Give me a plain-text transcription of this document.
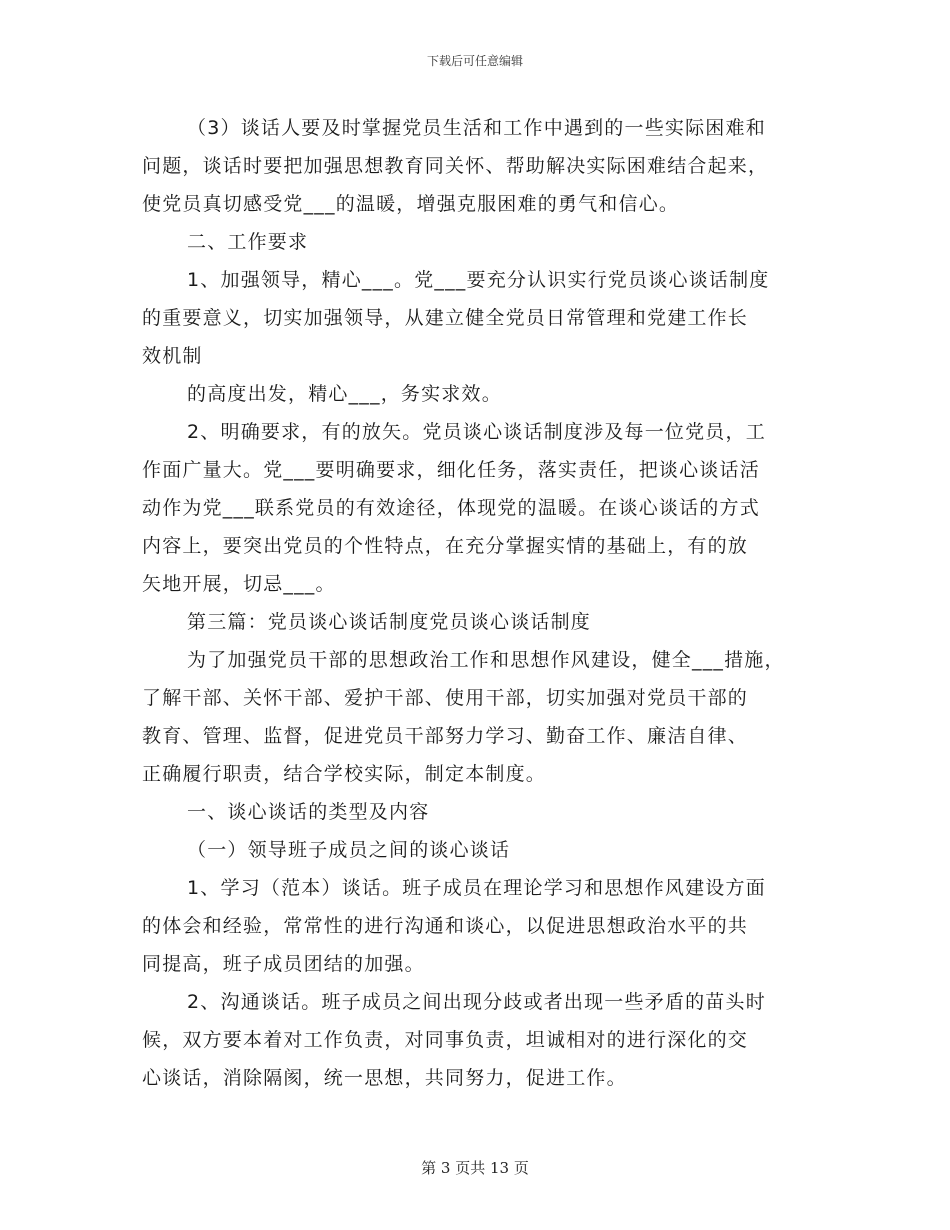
下载后可任意编辑
（3）谈话人要及时掌握党员生活和工作中遇到的一些实际困难和
问题，谈话时要把加强思想教育同关怀、帮助解决实际困难结合起来，
使党员真切感受党___的温暖，增强克服困难的勇气和信心。
二、工作要求
1、加强领导，精心___。党___要充分认识实行党员谈心谈话制度
的重要意义，切实加强领导，从建立健全党员日常管理和党建工作长
效机制
的高度出发，精心___，务实求效。
2、明确要求，有的放矢。党员谈心谈话制度涉及每一位党员，工
作面广量大。党___要明确要求，细化任务，落实责任，把谈心谈话活
动作为党___联系党员的有效途径，体现党的温暖。在谈心谈话的方式
内容上，要突出党员的个性特点，在充分掌握实情的基础上，有的放
矢地开展，切忌___。
第三篇：党员谈心谈话制度党员谈心谈话制度
为了加强党员干部的思想政治工作和思想作风建设，健全___措施，
了解干部、关怀干部、爱护干部、使用干部，切实加强对党员干部的
教育、管理、监督，促进党员干部努力学习、勤奋工作、廉洁自律、
正确履行职责，结合学校实际，制定本制度。
一、谈心谈话的类型及内容
（一）领导班子成员之间的谈心谈话
1、学习（范本）谈话。班子成员在理论学习和思想作风建设方面
的体会和经验，常常性的进行沟通和谈心，以促进思想政治水平的共
同提高，班子成员团结的加强。
2、沟通谈话。班子成员之间出现分歧或者出现一些矛盾的苗头时
候，双方要本着对工作负责，对同事负责，坦诚相对的进行深化的交
心谈话，消除隔阂，统一思想，共同努力，促进工作。
第 3 页共 13 页
